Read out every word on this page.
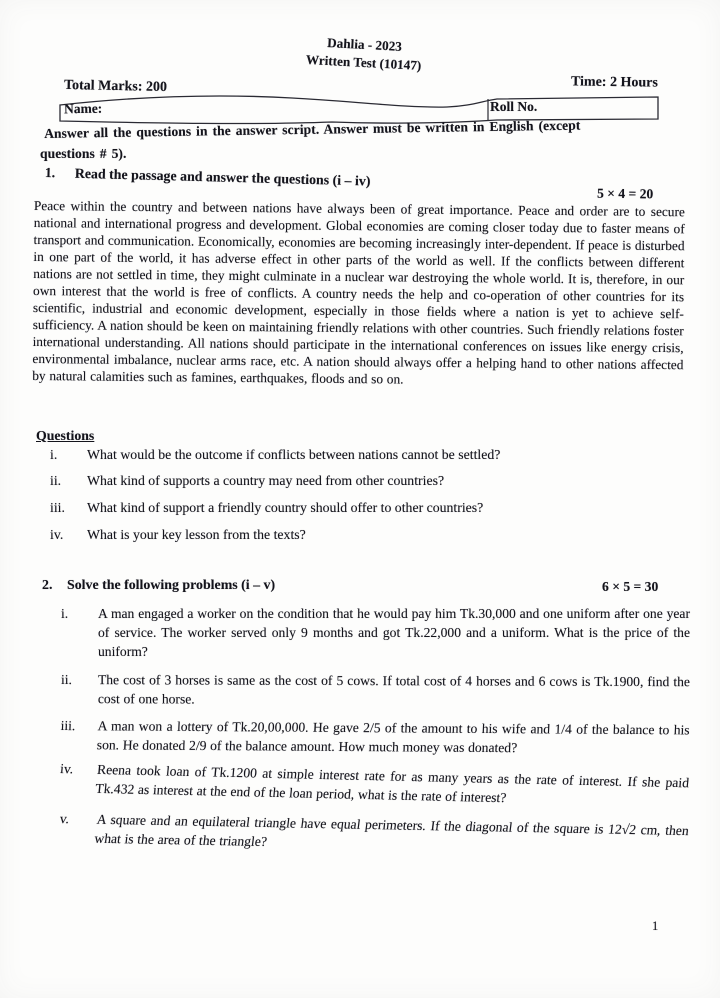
Dahlia - 2023
Written Test (10147)
Total Marks: 200	Time: 2 Hours
Name:	Roll No.
Answer all the questions in the answer script. Answer must be written in English (except
questions # 5).
1.	Read the passage and answer the questions (i – iv)
5 × 4 = 20
Peace within the country and between nations have always been of great importance. Peace and order are to secure national and international progress and development. Global economies are coming closer today due to faster means of transport and communication. Economically, economies are becoming increasingly inter-dependent. If peace is disturbed in one part of the world, it has adverse effect in other parts of the world as well. If the conflicts between different nations are not settled in time, they might culminate in a nuclear war destroying the whole world. It is, therefore, in our own interest that the world is free of conflicts. A country needs the help and co-operation of other countries for its scientific, industrial and economic development, especially in those fields where a nation is yet to achieve self-sufficiency. A nation should be keen on maintaining friendly relations with other countries. Such friendly relations foster international understanding. All nations should participate in the international conferences on issues like energy crisis, environmental imbalance, nuclear arms race, etc. A nation should always offer a helping hand to other nations affected by natural calamities such as famines, earthquakes, floods and so on.
Questions
i.	What would be the outcome if conflicts between nations cannot be settled?
ii.	What kind of supports a country may need from other countries?
iii.	What kind of support a friendly country should offer to other countries?
iv.	What is your key lesson from the texts?
2.	Solve the following problems (i – v)	6 × 5 = 30
i.	A man engaged a worker on the condition that he would pay him Tk.30,000 and one uniform after one year of service. The worker served only 9 months and got Tk.22,000 and a uniform. What is the price of the uniform?
ii.	The cost of 3 horses is same as the cost of 5 cows. If total cost of 4 horses and 6 cows is Tk.1900, find the cost of one horse.
iii.	A man won a lottery of Tk.20,00,000. He gave 2/5 of the amount to his wife and 1/4 of the balance to his son. He donated 2/9 of the balance amount. How much money was donated?
iv.	Reena took loan of Tk.1200 at simple interest rate for as many years as the rate of interest. If she paid Tk.432 as interest at the end of the loan period, what is the rate of interest?
v.	A square and an equilateral triangle have equal perimeters. If the diagonal of the square is 12√2 cm, then what is the area of the triangle?
1
